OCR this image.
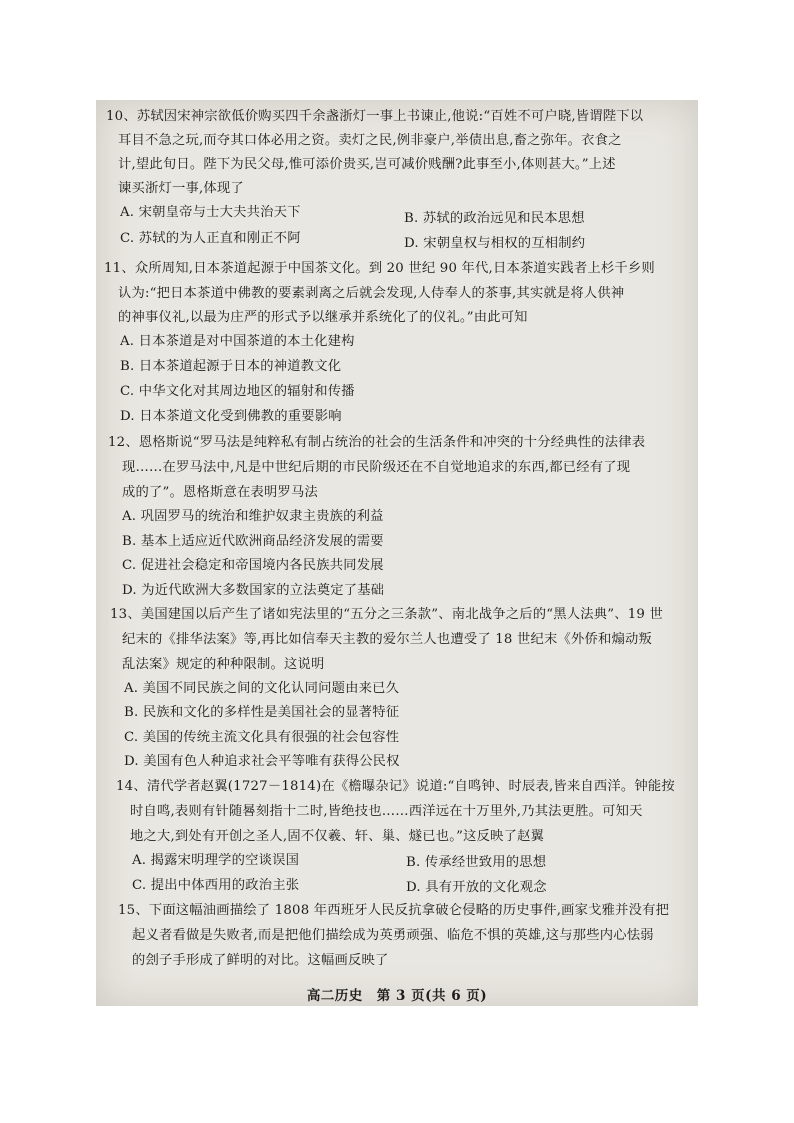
10、苏轼因宋神宗欲低价购买四千余盏浙灯一事上书谏止,他说:“百姓不可户晓,皆谓陛下以
耳目不急之玩,而夺其口体必用之资。卖灯之民,例非豪户,举债出息,畜之弥年。衣食之
计,望此旬日。陛下为民父母,惟可添价贵买,岂可减价贱酬?此事至小,体则甚大。”上述
谏买浙灯一事,体现了
A. 宋朝皇帝与士大夫共治天下	B. 苏轼的政治远见和民本思想
C. 苏轼的为人正直和刚正不阿	D. 宋朝皇权与相权的互相制约
11、众所周知,日本茶道起源于中国茶文化。到 20 世纪 90 年代,日本茶道实践者上杉千乡则
认为:“把日本茶道中佛教的要素剥离之后就会发现,人侍奉人的茶事,其实就是将人供神
的神事仪礼,以最为庄严的形式予以继承并系统化了的仪礼。”由此可知
A. 日本茶道是对中国茶道的本土化建构
B. 日本茶道起源于日本的神道教文化
C. 中华文化对其周边地区的辐射和传播
D. 日本茶道文化受到佛教的重要影响
12、恩格斯说“罗马法是纯粹私有制占统治的社会的生活条件和冲突的十分经典性的法律表
现……在罗马法中,凡是中世纪后期的市民阶级还在不自觉地追求的东西,都已经有了现
成的了”。恩格斯意在表明罗马法
A. 巩固罗马的统治和维护奴隶主贵族的利益
B. 基本上适应近代欧洲商品经济发展的需要
C. 促进社会稳定和帝国境内各民族共同发展
D. 为近代欧洲大多数国家的立法奠定了基础
13、美国建国以后产生了诸如宪法里的“五分之三条款”、南北战争之后的“黑人法典”、19 世
纪末的《排华法案》等,再比如信奉天主教的爱尔兰人也遭受了 18 世纪末《外侨和煽动叛
乱法案》规定的种种限制。这说明
A. 美国不同民族之间的文化认同问题由来已久
B. 民族和文化的多样性是美国社会的显著特征
C. 美国的传统主流文化具有很强的社会包容性
D. 美国有色人种追求社会平等唯有获得公民权
14、清代学者赵翼(1727－1814)在《檐曝杂记》说道:“自鸣钟、时辰表,皆来自西洋。钟能按
时自鸣,表则有针随晷刻指十二时,皆绝技也……西洋远在十万里外,乃其法更胜。可知天
地之大,到处有开创之圣人,固不仅羲、轩、巢、燧已也。”这反映了赵翼
A. 揭露宋明理学的空谈误国	B. 传承经世致用的思想
C. 提出中体西用的政治主张	D. 具有开放的文化观念
15、下面这幅油画描绘了 1808 年西班牙人民反抗拿破仑侵略的历史事件,画家戈雅并没有把
起义者看做是失败者,而是把他们描绘成为英勇顽强、临危不惧的英雄,这与那些内心怯弱
的刽子手形成了鲜明的对比。这幅画反映了
高二历史　第 3 页(共 6 页)
